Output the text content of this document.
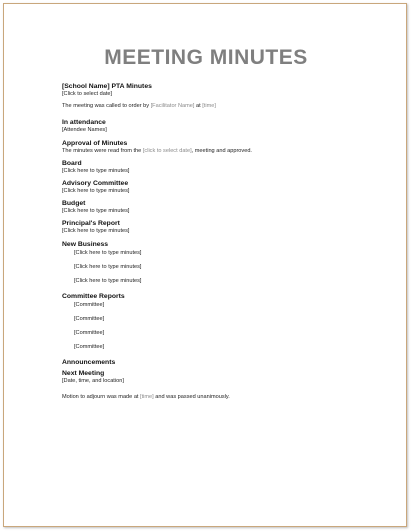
MEETING MINUTES
[School Name] PTA Minutes
[Click to select date]
The meeting was called to order by [Facilitator Name] at [time]
In attendance
[Attendee Names]
Approval of Minutes
The minutes were read from the [click to select date], meeting and approved.
Board
[Click here to type minutes]
Advisory Committee
[Click here to type minutes]
Budget
[Click here to type minutes]
Principal's Report
[Click here to type minutes]
New Business
[Click here to type minutes]
[Click here to type minutes]
[Click here to type minutes]
Committee Reports
[Committee]
[Committee]
[Committee]
[Committee]
Announcements
Next Meeting
[Date, time, and location]
Motion to adjourn was made at [time] and was passed unanimously.
